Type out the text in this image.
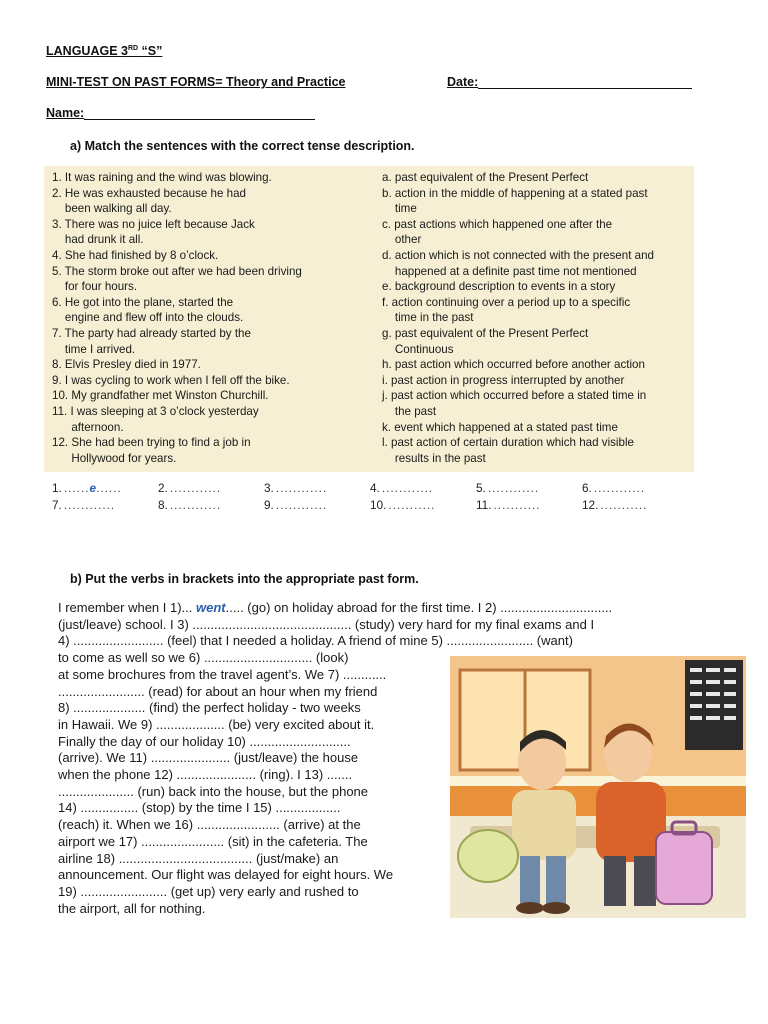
LANGUAGE 3RD “S”
MINI-TEST ON PAST FORMS= Theory and Practice	Date:
Name:
a) Match the sentences with the correct tense description.
1. It was raining and the wind was blowing.
2. He was exhausted because he had
been walking all day.
3. There was no juice left because Jack
had drunk it all.
4. She had finished by 8 o’clock.
5. The storm broke out after we had been driving
for four hours.
6. He got into the plane, started the
engine and flew off into the clouds.
7. The party had already started by the
time I arrived.
8. Elvis Presley died in 1977.
9. I was cycling to work when I fell off the bike.
10. My grandfather met Winston Churchill.
11. I was sleeping at 3 o’clock yesterday
afternoon.
12. She had been trying to find a job in
Hollywood for years.
a. past equivalent of the Present Perfect
b. action in the middle of happening at a stated past
time
c. past actions which happened one after the
other
d. action which is not connected with the present and
happened at a definite past time not mentioned
e. background description to events in a story
f. action continuing over a period up to a specific
time in the past
g. past equivalent of the Present Perfect
Continuous
h. past action which occurred before another action
i. past action in progress interrupted by another
j. past action which occurred before a stated time in
the past
k. event which happened at a stated past time
l. past action of certain duration which had visible
results in the past
1. ......e......	2. ............	3. ............	4. ............	5. ............	6. ............
7. ............	8. ............	9. ............	10. ...........	11. ...........	12. ...........
b) Put the verbs in brackets into the appropriate past form.
I remember when I 1)... went..... (go) on holiday abroad for the first time. I 2) ...............................
(just/leave) school. I 3) ............................................ (study) very hard for my final exams and I
4) ......................... (feel) that I needed a holiday. A friend of mine 5) ........................ (want)
to come as well so we 6) .............................. (look)
at some brochures from the travel agent’s. We 7) ............
........................ (read) for about an hour when my friend
8) .................... (find) the perfect holiday - two weeks
in Hawaii. We 9) ................... (be) very excited about it.
Finally the day of our holiday 10) ............................
(arrive). We 11) ...................... (just/leave) the house
when the phone 12) ...................... (ring). I 13) .......
..................... (run) back into the house, but the phone
14) ................ (stop) by the time I 15) ..................
(reach) it. When we 16) ....................... (arrive) at the
airport we 17) ....................... (sit) in the cafeteria. The
airline 18) ..................................... (just/make) an
announcement. Our flight was delayed for eight hours. We
19) ........................ (get up) very early and rushed to
the airport, all for nothing.
